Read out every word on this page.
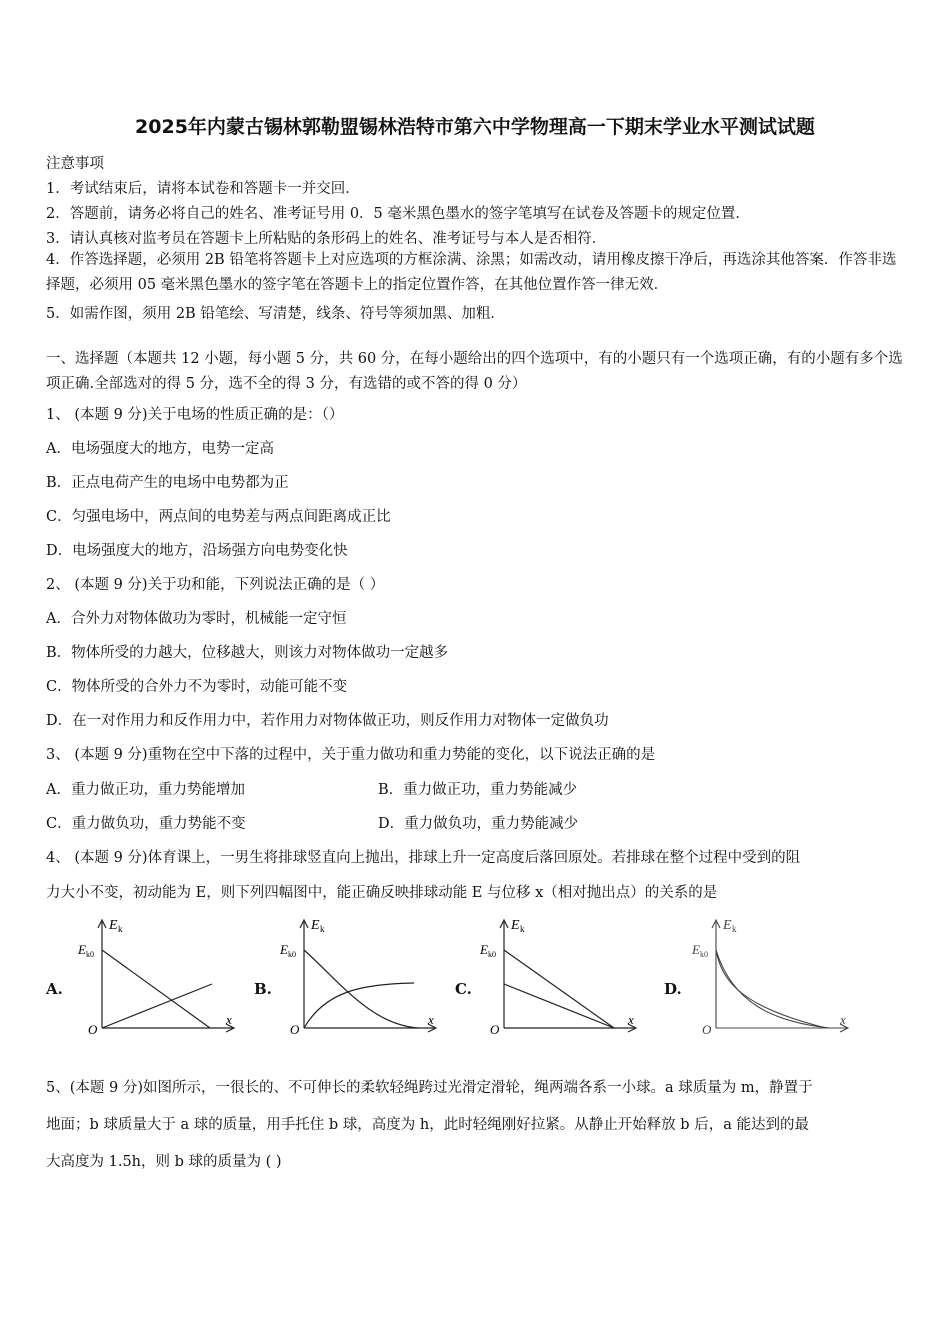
2025年内蒙古锡林郭勒盟锡林浩特市第六中学物理高一下期末学业水平测试试题
注意事项
1．考试结束后，请将本试卷和答题卡一并交回．
2．答题前，请务必将自己的姓名、准考证号用 0．5 毫米黑色墨水的签字笔填写在试卷及答题卡的规定位置．
3．请认真核对监考员在答题卡上所粘贴的条形码上的姓名、准考证号与本人是否相符．
4．作答选择题，必须用 2B 铅笔将答题卡上对应选项的方框涂满、涂黑；如需改动，请用橡皮擦干净后，再选涂其他答案．作答非选择题，必须用 05 毫米黑色墨水的签字笔在答题卡上的指定位置作答，在其他位置作答一律无效．
5．如需作图，须用 2B 铅笔绘、写清楚，线条、符号等须加黑、加粗．
一、选择题（本题共 12 小题，每小题 5 分，共 60 分，在每小题给出的四个选项中，有的小题只有一个选项正确，有的小题有多个选项正确.全部选对的得 5 分，选不全的得 3 分，有选错的或不答的得 0 分）
1、 (本题 9 分)关于电场的性质正确的是：（）
A．电场强度大的地方，电势一定高
B．正点电荷产生的电场中电势都为正
C．匀强电场中，两点间的电势差与两点间距离成正比
D．电场强度大的地方，沿场强方向电势变化快
2、 (本题 9 分)关于功和能，下列说法正确的是（ ）
A．合外力对物体做功为零时，机械能一定守恒
B．物体所受的力越大，位移越大，则该力对物体做功一定越多
C．物体所受的合外力不为零时，动能可能不变
D．在一对作用力和反作用力中，若作用力对物体做正功，则反作用力对物体一定做负功
3、 (本题 9 分)重物在空中下落的过程中，关于重力做功和重力势能的变化，以下说法正确的是
A．重力做正功，重力势能增加	B．重力做正功，重力势能减少
C．重力做负功，重力势能不变	D．重力做负功，重力势能减少
4、 (本题 9 分)体育课上，一男生将排球竖直向上抛出，排球上升一定高度后落回原处。若排球在整个过程中受到的阻
力大小不变，初动能为 E，则下列四幅图中，能正确反映排球动能 E 与位移 x（相对抛出点）的关系的是
A.	B.	C.	D.
E k
E k0
x
O
E k
E k0
x
O
E k
E k0
x
O
E k
E k0
x
O
5、(本题 9 分)如图所示，一很长的、不可伸长的柔软轻绳跨过光滑定滑轮，绳两端各系一小球。a 球质量为 m，静置于
地面；b 球质量大于 a 球的质量，用手托住 b 球，高度为 h，此时轻绳刚好拉紧。从静止开始释放 b 后，a 能达到的最
大高度为 1.5h，则 b 球的质量为 ( )
